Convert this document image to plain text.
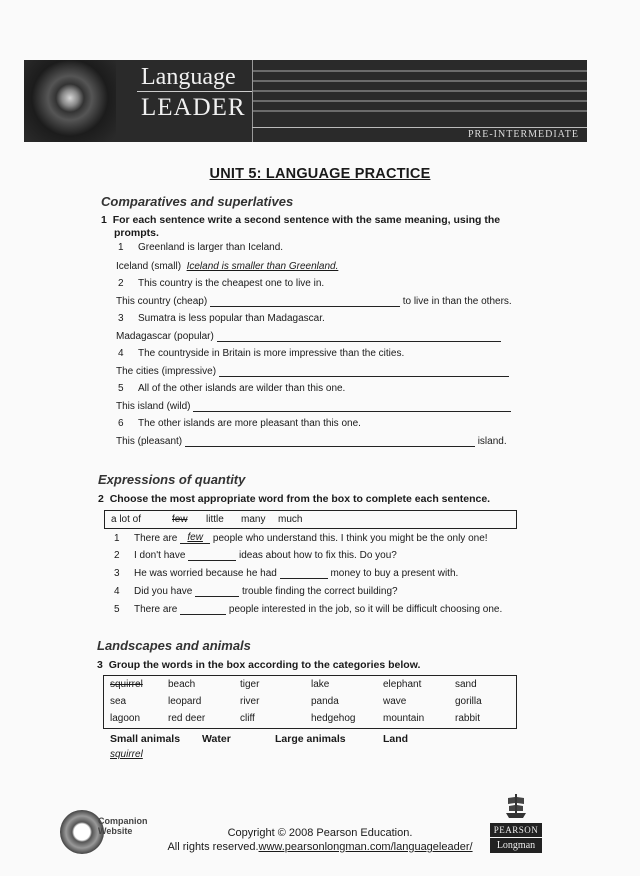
Language
LEADER
PRE-INTERMEDIATE
UNIT 5: LANGUAGE PRACTICE
Comparatives and superlatives
1 For each sentence write a second sentence with the same meaning, using the
prompts.
1 Greenland is larger than Iceland.
Iceland (small) Iceland is smaller than Greenland.
2 This country is the cheapest one to live in.
This country (cheap)	to live in than the others.
3 Sumatra is less popular than Madagascar.
Madagascar (popular)
4 The countryside in Britain is more impressive than the cities.
The cities (impressive)
5 All of the other islands are wilder than this one.
This island (wild)
6 The other islands are more pleasant than this one.
This (pleasant)	island.
Expressions of quantity
2 Choose the most appropriate word from the box to complete each sentence.
a lot of	few little many much
1 There are few people who understand this. I think you might be the only one!
2 I don't have	ideas about how to fix this. Do you?
3 He was worried because he had	money to buy a present with.
4 Did you have	trouble finding the correct building?
5 There are	people interested in the job, so it will be difficult choosing one.
Landscapes and animals
3 Group the words in the box according to the categories below.
squirrel	beach	tiger	lake	elephant	sand
sea	leopard	river	panda	wave	gorilla
lagoon	red deer	cliff	hedgehog	mountain	rabbit
Small animals Water	Large animals	Land
squirrel
Companion
Website	Copyright © 2008 Pearson Education.
All rights reserved.www.pearsonlongman.com/languageleader/
PEARSON
Longman
